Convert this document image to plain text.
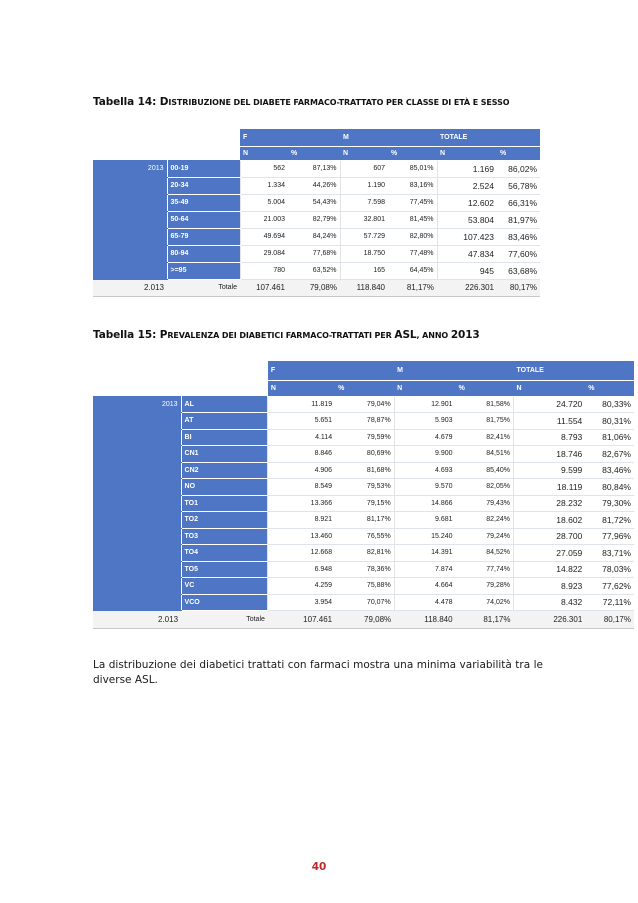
Tabella 14: DISTRIBUZIONE DEL DIABETE FARMACO-TRATTATO PER CLASSE DI ETÀ E SESSO
		F		M		TOTALE	
		N	%	N	%	N	%
2013	00-19	562	87,13%	607	85,01%	1.169	86,02%
	20-34	1.334	44,26%	1.190	83,16%	2.524	56,78%
	35-49	5.004	54,43%	7.598	77,45%	12.602	66,31%
	50-64	21.003	82,79%	32.801	81,45%	53.804	81,97%
	65-79	49.694	84,24%	57.729	82,80%	107.423	83,46%
	80-94	29.084	77,68%	18.750	77,48%	47.834	77,60%
	>=95	780	63,52%	165	64,45%	945	63,68%
2.013	Totale	107.461	79,08%	118.840	81,17%	226.301	80,17%
Tabella 15: PREVALENZA DEI DIABETICI FARMACO-TRATTATI PER ASL, ANNO 2013
		F		M		TOTALE	
		N	%	N	%	N	%
2013	AL	11.819	79,04%	12.901	81,58%	24.720	80,33%
	AT	5.651	78,87%	5.903	81,75%	11.554	80,31%
	BI	4.114	79,59%	4.679	82,41%	8.793	81,06%
	CN1	8.846	80,69%	9.900	84,51%	18.746	82,67%
	CN2	4.906	81,68%	4.693	85,40%	9.599	83,46%
	NO	8.549	79,53%	9.570	82,05%	18.119	80,84%
	TO1	13.366	79,15%	14.866	79,43%	28.232	79,30%
	TO2	8.921	81,17%	9.681	82,24%	18.602	81,72%
	TO3	13.460	76,55%	15.240	79,24%	28.700	77,96%
	TO4	12.668	82,81%	14.391	84,52%	27.059	83,71%
	TO5	6.948	78,36%	7.874	77,74%	14.822	78,03%
	VC	4.259	75,88%	4.664	79,28%	8.923	77,62%
	VCO	3.954	70,07%	4.478	74,02%	8.432	72,11%
2.013	Totale	107.461	79,08%	118.840	81,17%	226.301	80,17%
La distribuzione dei diabetici trattati con farmaci mostra una minima variabilità tra le diverse ASL.
40
